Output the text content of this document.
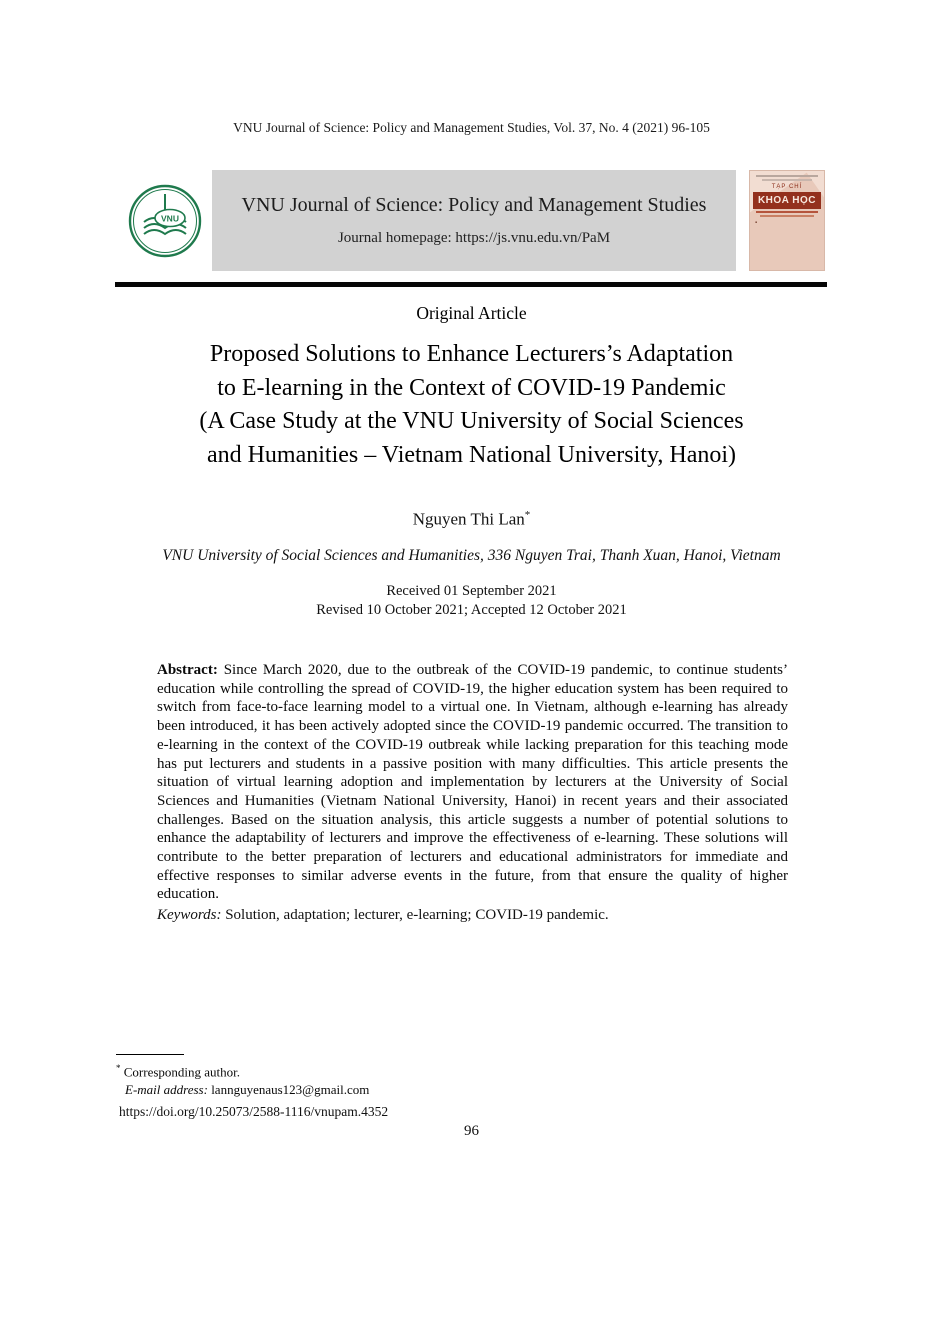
VNU Journal of Science: Policy and Management Studies, Vol. 37, No. 4 (2021) 96-105
VNU
VNU Journal of Science: Policy and Management Studies
Journal homepage: https://js.vnu.edu.vn/PaM
TẠP CHÍ
KHOA HỌC
▪
Original Article
Proposed Solutions to Enhance Lecturers’s Adaptation
to E-learning in the Context of COVID-19 Pandemic
(A Case Study at the VNU University of Social Sciences
and Humanities – Vietnam National University, Hanoi)
Nguyen Thi Lan*
VNU University of Social Sciences and Humanities, 336 Nguyen Trai, Thanh Xuan, Hanoi, Vietnam
Received 01 September 2021
Revised 10 October 2021; Accepted 12 October 2021
Abstract: Since March 2020, due to the outbreak of the COVID-19 pandemic, to continue students’ education while controlling the spread of COVID-19, the higher education system has been required to switch from face-to-face learning model to a virtual one. In Vietnam, although e-learning has already been introduced, it has been actively adopted since the COVID-19 pandemic occurred. The transition to e-learning in the context of the COVID-19 outbreak while lacking preparation for this teaching mode has put lecturers and students in a passive position with many difficulties. This article presents the situation of virtual learning adoption and implementation by lecturers at the University of Social Sciences and Humanities (Vietnam National University, Hanoi) in recent years and their associated challenges. Based on the situation analysis, this article suggests a number of potential solutions to enhance the adaptability of lecturers and improve the effectiveness of e-learning. These solutions will contribute to the better preparation of lecturers and educational administrators for immediate and effective responses to similar adverse events in the future, from that ensure the quality of higher education.
Keywords: Solution, adaptation; lecturer, e-learning; COVID-19 pandemic.
* Corresponding author.
E-mail address: lannguyenaus123@gmail.com
https://doi.org/10.25073/2588-1116/vnupam.4352
96
